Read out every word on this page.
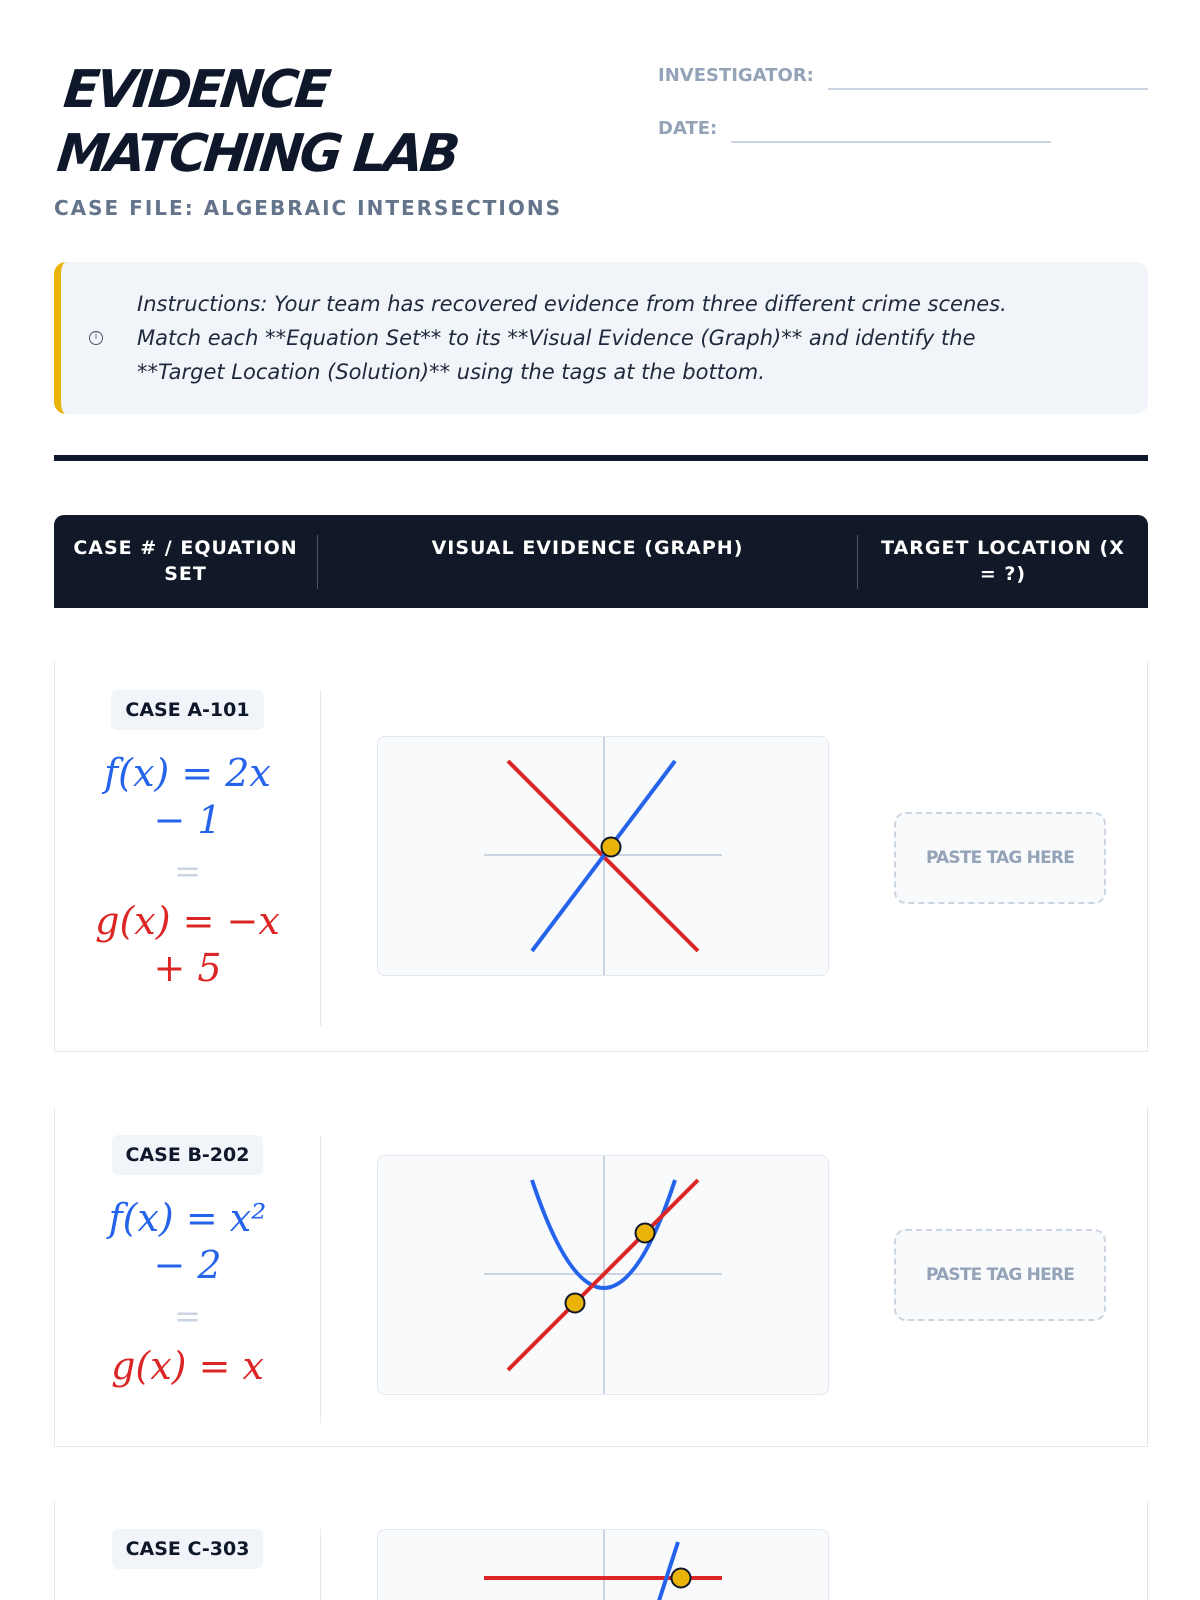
EVIDENCE
MATCHING LAB
CASE FILE: ALGEBRAIC INTERSECTIONS
INVESTIGATOR:
DATE:
i

Instructions: Your team has recovered evidence from three different crime scenes. Match each **Equation Set** to its **Visual Evidence (Graph)** and identify the **Target Location (Solution)** using the tags at the bottom.

CASE # / EQUATION SET
VISUAL EVIDENCE (GRAPH)	TARGET LOCATION (X = ?)
CASE A-101
f(x) = 2x
− 1
=
g(x) = −x
+ 5
PASTE TAG HERE
CASE B-202
f(x) = x²
− 2
=
g(x) = x
PASTE TAG HERE
CASE C-303
